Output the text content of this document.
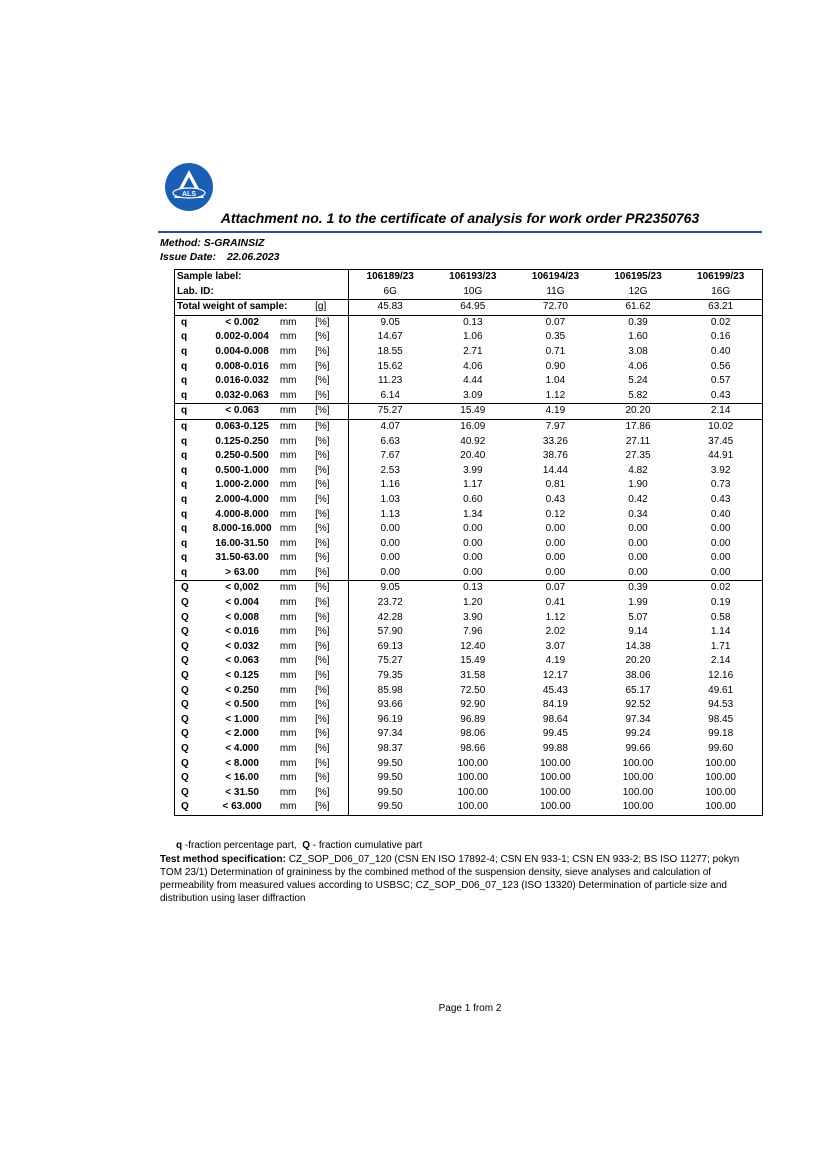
ALS
Attachment no. 1 to the certificate of analysis for work order PR2350763
Method: S-GRAINSIZ
Issue Date: 22.06.2023
Sample label:				106189/23	106193/23	106194/23	106195/23	106199/23
Lab. ID:				6G	10G	11G	12G	16G
Total weight of sample:			[g]	45.83	64.95	72.70	61.62	63.21
q	< 0.002	mm	[%]	9.05	0.13	0.07	0.39	0.02
q	0.002-0.004	mm	[%]	14.67	1.06	0.35	1.60	0.16
q	0.004-0.008	mm	[%]	18.55	2.71	0.71	3.08	0.40
q	0.008-0.016	mm	[%]	15.62	4.06	0.90	4.06	0.56
q	0.016-0.032	mm	[%]	11.23	4.44	1.04	5.24	0.57
q	0.032-0.063	mm	[%]	6.14	3.09	1.12	5.82	0.43
q	< 0.063	mm	[%]	75.27	15.49	4.19	20.20	2.14
q	0.063-0.125	mm	[%]	4.07	16.09	7.97	17.86	10.02
q	0.125-0.250	mm	[%]	6.63	40.92	33.26	27.11	37.45
q	0.250-0.500	mm	[%]	7.67	20.40	38.76	27.35	44.91
q	0.500-1.000	mm	[%]	2.53	3.99	14.44	4.82	3.92
q	1.000-2.000	mm	[%]	1.16	1.17	0.81	1.90	0.73
q	2.000-4.000	mm	[%]	1.03	0.60	0.43	0.42	0.43
q	4.000-8.000	mm	[%]	1.13	1.34	0.12	0.34	0.40
q	8.000-16.000	mm	[%]	0.00	0.00	0.00	0.00	0.00
q	16.00-31.50	mm	[%]	0.00	0.00	0.00	0.00	0.00
q	31.50-63.00	mm	[%]	0.00	0.00	0.00	0.00	0.00
q	> 63.00	mm	[%]	0.00	0.00	0.00	0.00	0.00
Q	< 0,002	mm	[%]	9.05	0.13	0.07	0.39	0.02
Q	< 0.004	mm	[%]	23.72	1.20	0.41	1.99	0.19
Q	< 0.008	mm	[%]	42.28	3.90	1.12	5.07	0.58
Q	< 0.016	mm	[%]	57.90	7.96	2.02	9.14	1.14
Q	< 0.032	mm	[%]	69.13	12.40	3.07	14.38	1.71
Q	< 0.063	mm	[%]	75.27	15.49	4.19	20.20	2.14
Q	< 0.125	mm	[%]	79.35	31.58	12.17	38.06	12.16
Q	< 0.250	mm	[%]	85.98	72.50	45.43	65.17	49.61
Q	< 0.500	mm	[%]	93.66	92.90	84.19	92.52	94.53
Q	< 1.000	mm	[%]	96.19	96.89	98.64	97.34	98.45
Q	< 2.000	mm	[%]	97.34	98.06	99.45	99.24	99.18
Q	< 4.000	mm	[%]	98.37	98.66	99.88	99.66	99.60
Q	< 8.000	mm	[%]	99.50	100.00	100.00	100.00	100.00
Q	< 16.00	mm	[%]	99.50	100.00	100.00	100.00	100.00
Q	< 31.50	mm	[%]	99.50	100.00	100.00	100.00	100.00
Q	< 63.000	mm	[%]	99.50	100.00	100.00	100.00	100.00
q -fraction percentage part, Q - fraction cumulative part
Test method specification: CZ_SOP_D06_07_120 (CSN EN ISO 17892-4; CSN EN 933-1; CSN EN 933-2; BS ISO 11277; pokyn TOM 23/1) Determination of graininess by the combined method of the suspension density, sieve analyses and calculation of permeability from measured values according to USBSC; CZ_SOP_D06_07_123 (ISO 13320) Determination of particle size and distribution using laser diffraction
Page 1 from 2
